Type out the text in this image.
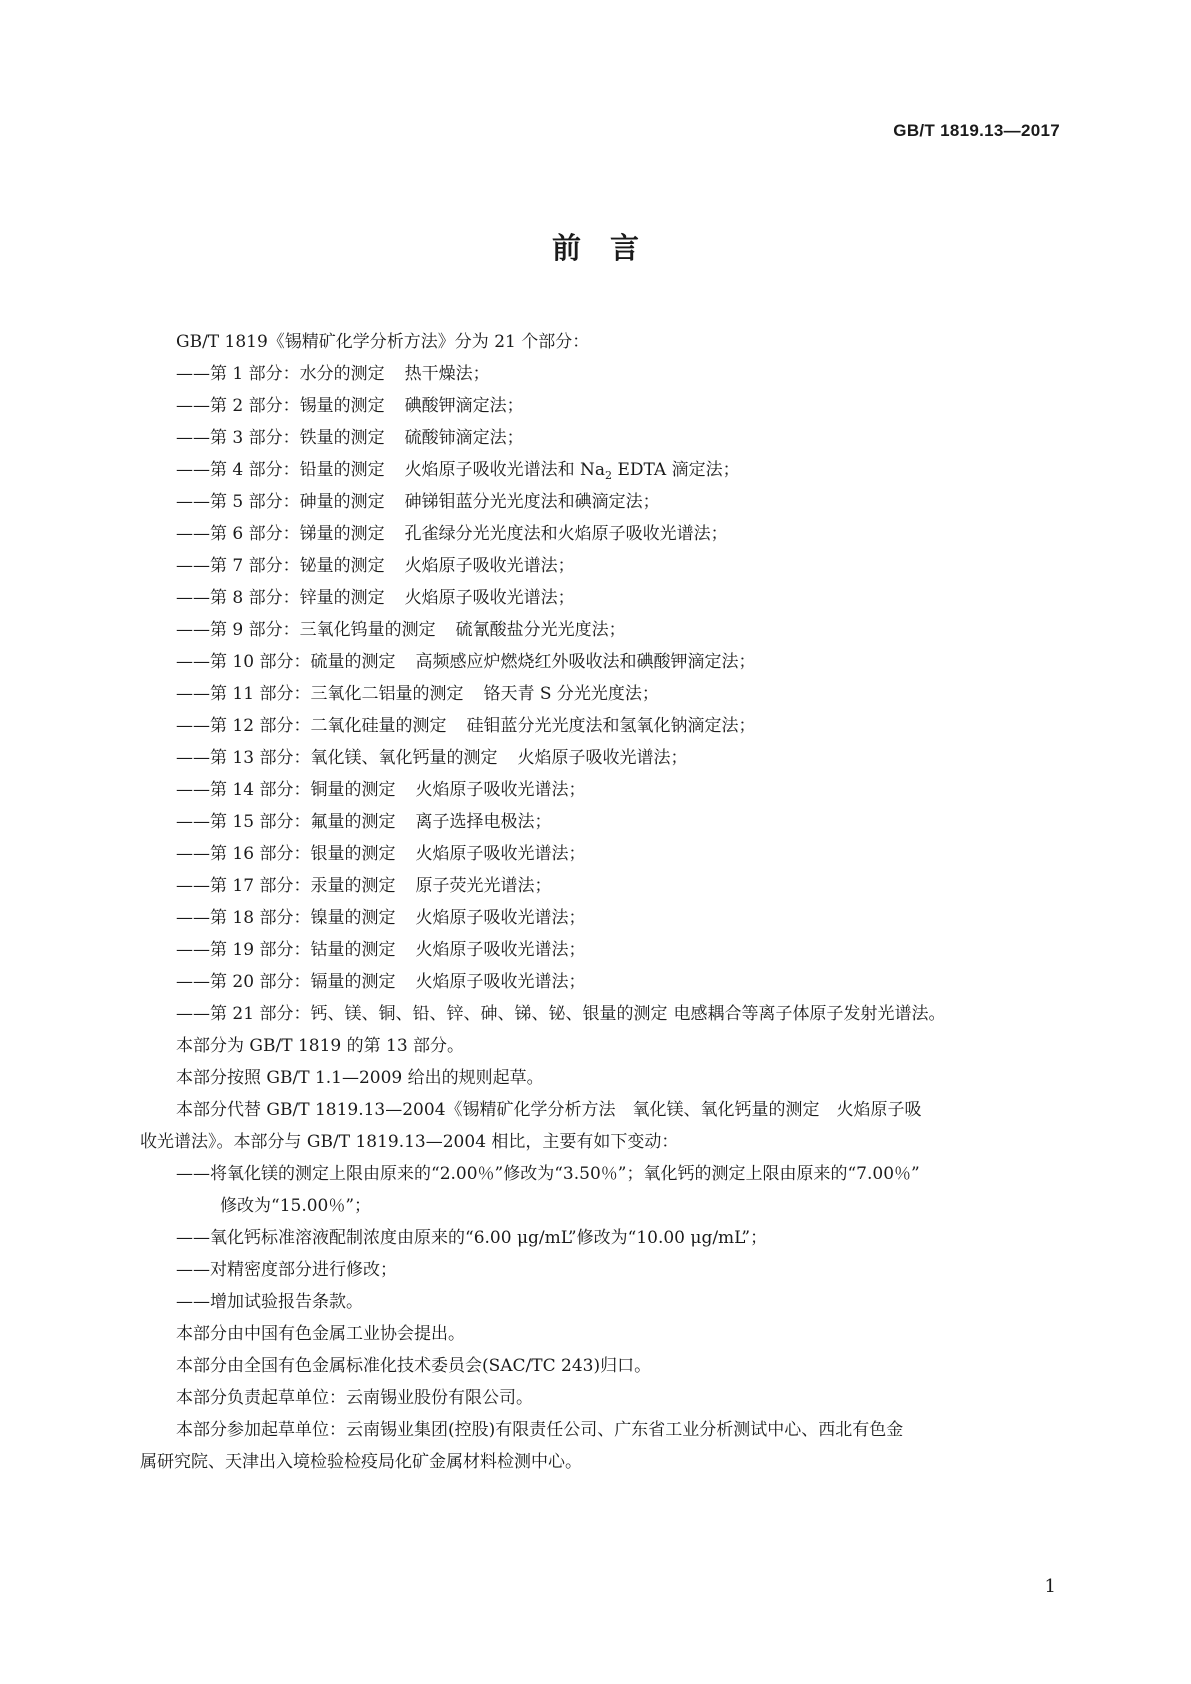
GB/T 1819.13—2017
前　言
GB/T 1819《锡精矿化学分析方法》分为 21 个部分：
——第 1 部分：水分的测定 热干燥法；
——第 2 部分：锡量的测定 碘酸钾滴定法；
——第 3 部分：铁量的测定 硫酸铈滴定法；
——第 4 部分：铅量的测定 火焰原子吸收光谱法和 $Na_2$ EDTA 滴定法；
——第 5 部分：砷量的测定 砷锑钼蓝分光光度法和碘滴定法；
——第 6 部分：锑量的测定 孔雀绿分光光度法和火焰原子吸收光谱法；
——第 7 部分：铋量的测定 火焰原子吸收光谱法；
——第 8 部分：锌量的测定 火焰原子吸收光谱法；
——第 9 部分：三氧化钨量的测定 硫氰酸盐分光光度法；
——第 10 部分：硫量的测定 高频感应炉燃烧红外吸收法和碘酸钾滴定法；
——第 11 部分：三氧化二铝量的测定 铬天青 S 分光光度法；
——第 12 部分：二氧化硅量的测定 硅钼蓝分光光度法和氢氧化钠滴定法；
——第 13 部分：氧化镁、氧化钙量的测定 火焰原子吸收光谱法；
——第 14 部分：铜量的测定 火焰原子吸收光谱法；
——第 15 部分：氟量的测定 离子选择电极法；
——第 16 部分：银量的测定 火焰原子吸收光谱法；
——第 17 部分：汞量的测定 原子荧光光谱法；
——第 18 部分：镍量的测定 火焰原子吸收光谱法；
——第 19 部分：钴量的测定 火焰原子吸收光谱法；
——第 20 部分：镉量的测定 火焰原子吸收光谱法；
——第 21 部分：钙、镁、铜、铅、锌、砷、锑、铋、银量的测定 电感耦合等离子体原子发射光谱法。
本部分为 GB/T 1819 的第 13 部分。
本部分按照 GB/T 1.1—2009 给出的规则起草。
本部分代替 GB/T 1819.13—2004《锡精矿化学分析方法　氧化镁、氧化钙量的测定　火焰原子吸
收光谱法》。本部分与 GB/T 1819.13—2004 相比，主要有如下变动：
——将氧化镁的测定上限由原来的“2.00％”修改为“3.50％”；氧化钙的测定上限由原来的“7.00％”
修改为“15.00％”；
——氧化钙标准溶液配制浓度由原来的“6.00 μg/mL”修改为“10.00 μg/mL”；
——对精密度部分进行修改；
——增加试验报告条款。
本部分由中国有色金属工业协会提出。
本部分由全国有色金属标准化技术委员会(SAC/TC 243)归口。
本部分负责起草单位：云南锡业股份有限公司。
本部分参加起草单位：云南锡业集团(控股)有限责任公司、广东省工业分析测试中心、西北有色金
属研究院、天津出入境检验检疫局化矿金属材料检测中心。
1
